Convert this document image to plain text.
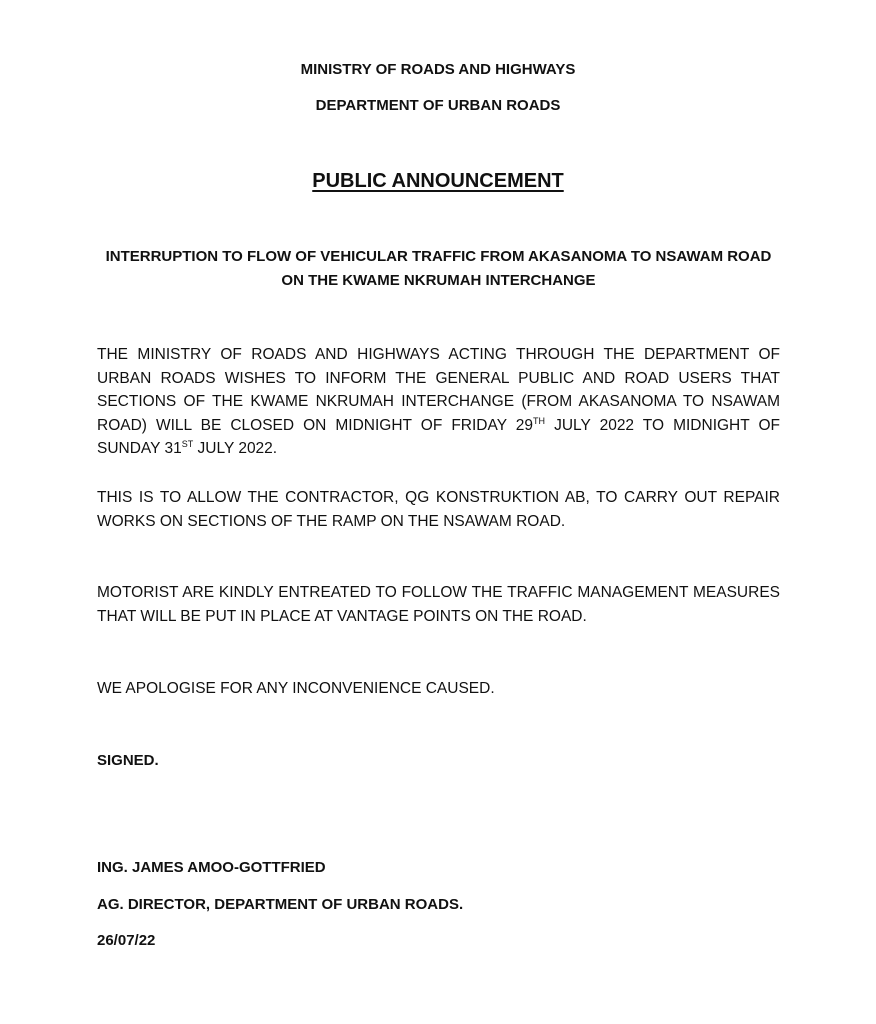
MINISTRY OF ROADS AND HIGHWAYS
DEPARTMENT OF URBAN ROADS
PUBLIC ANNOUNCEMENT
INTERRUPTION TO FLOW OF VEHICULAR TRAFFIC FROM AKASANOMA TO NSAWAM ROAD
ON THE KWAME NKRUMAH INTERCHANGE

THE MINISTRY OF ROADS AND HIGHWAYS ACTING THROUGH THE DEPARTMENT OF URBAN ROADS WISHES TO INFORM THE GENERAL PUBLIC AND ROAD USERS THAT SECTIONS OF THE KWAME NKRUMAH INTERCHANGE (FROM AKASANOMA TO NSAWAM ROAD) WILL BE CLOSED ON MIDNIGHT OF FRIDAY 29TH JULY 2022 TO MIDNIGHT OF SUNDAY 31ST JULY 2022.

THIS IS TO ALLOW THE CONTRACTOR, QG KONSTRUKTION AB, TO CARRY OUT REPAIR WORKS ON SECTIONS OF THE RAMP ON THE NSAWAM ROAD.

MOTORIST ARE KINDLY ENTREATED TO FOLLOW THE TRAFFIC MANAGEMENT MEASURES THAT WILL BE PUT IN PLACE AT VANTAGE POINTS ON THE ROAD.

WE APOLOGISE FOR ANY INCONVENIENCE CAUSED.

SIGNED.
ING. JAMES AMOO-GOTTFRIED
AG. DIRECTOR, DEPARTMENT OF URBAN ROADS.
26/07/22
